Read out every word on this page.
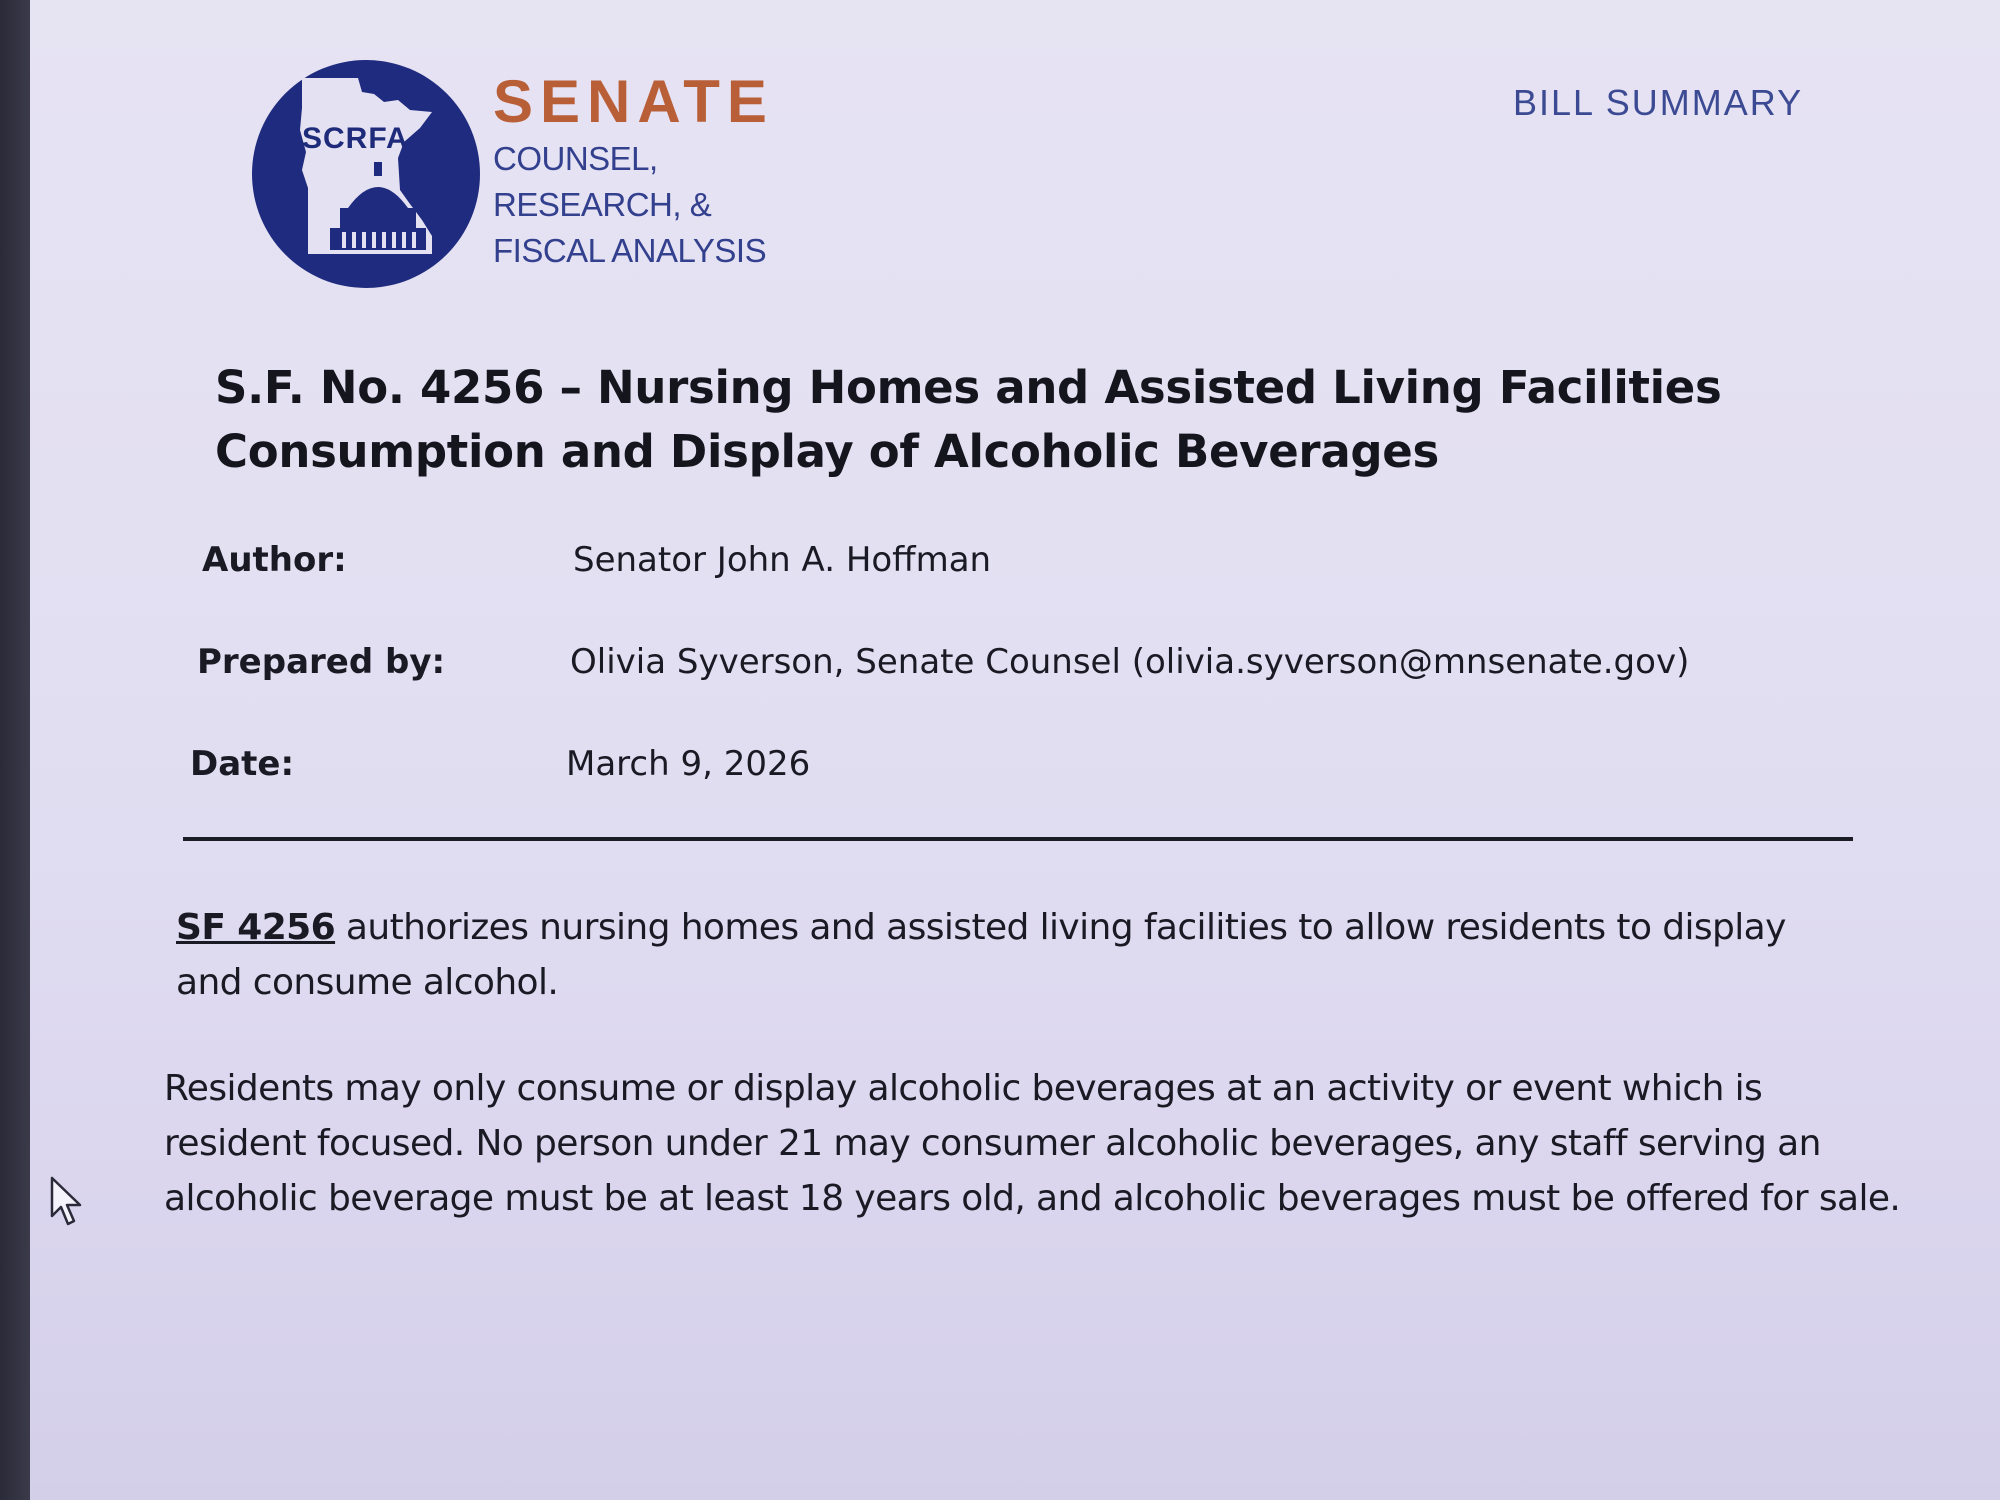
SCRFA
SENATE
COUNSEL,
RESEARCH, &
FISCAL ANALYSIS
BILL SUMMARY
S.F. No. 4256 – Nursing Homes and Assisted Living Facilities
Consumption and Display of Alcoholic Beverages
Author:	Senator John A. Hoffman
Prepared by:	Olivia Syverson, Senate Counsel (olivia.syverson@mnsenate.gov)
Date:	March 9, 2026
SF 4256 authorizes nursing homes and assisted living facilities to allow residents to display and consume alcohol.
Residents may only consume or display alcoholic beverages at an activity or event which is resident focused. No person under 21 may consumer alcoholic beverages, any staff serving an alcoholic beverage must be at least 18 years old, and alcoholic beverages must be offered for sale.
